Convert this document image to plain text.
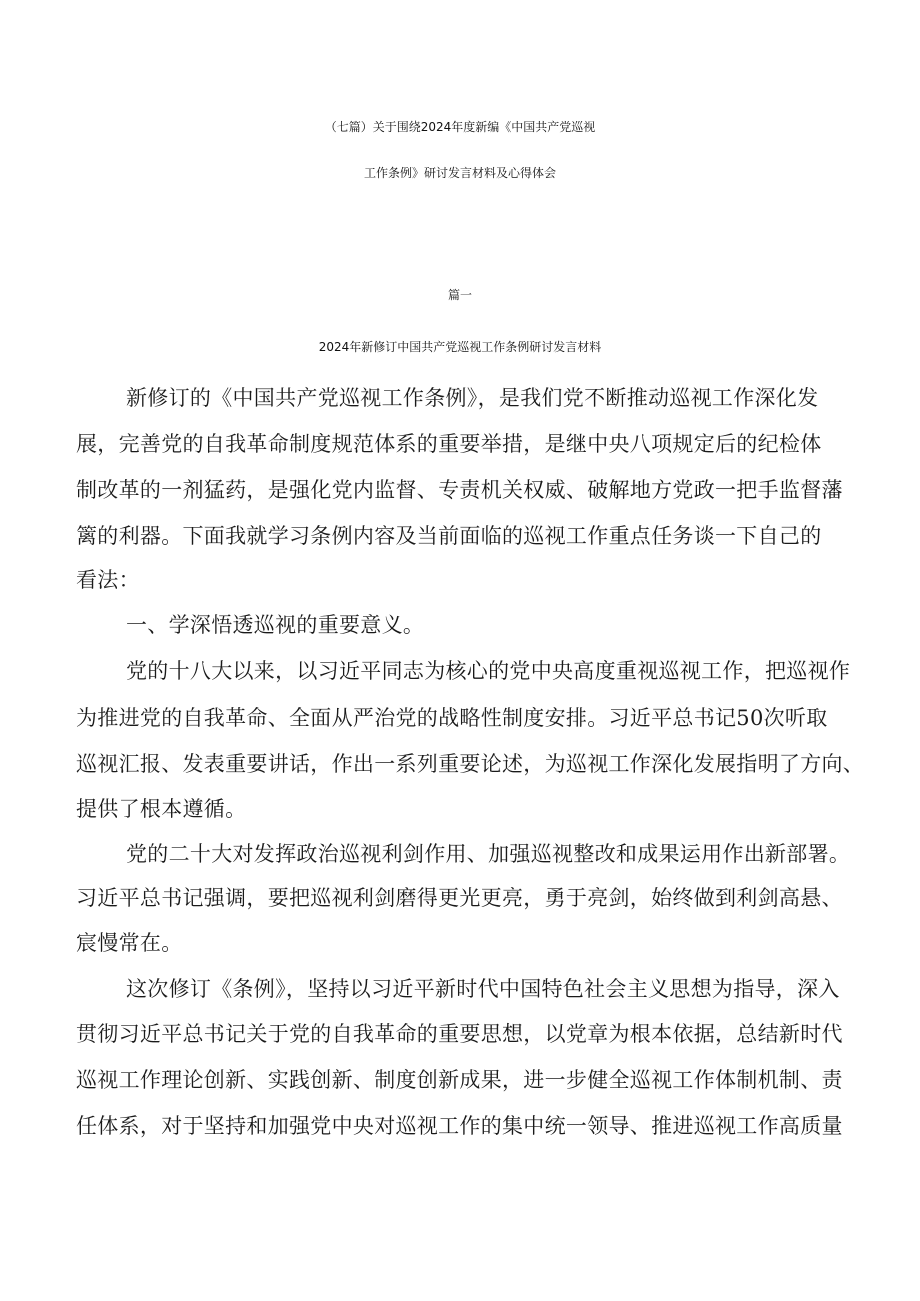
（七篇）关于围绕2024年度新编《中国共产党巡视
工作条例》研讨发言材料及心得体会
篇一
2024年新修订中国共产党巡视工作条例研讨发言材料
新修订的《中国共产党巡视工作条例》，是我们党不断推动巡视工作深化发
展，完善党的自我革命制度规范体系的重要举措，是继中央八项规定后的纪检体
制改革的一剂猛药，是强化党内监督、专责机关权威、破解地方党政一把手监督藩
篱的利器。下面我就学习条例内容及当前面临的巡视工作重点任务谈一下自己的
看法：
一、学深悟透巡视的重要意义。
党的十八大以来，以习近平同志为核心的党中央高度重视巡视工作，把巡视作
为推进党的自我革命、全面从严治党的战略性制度安排。习近平总书记50次听取
巡视汇报、发表重要讲话，作出一系列重要论述，为巡视工作深化发展指明了方向、
提供了根本遵循。
党的二十大对发挥政治巡视利剑作用、加强巡视整改和成果运用作出新部署。
习近平总书记强调，要把巡视利剑磨得更光更亮，勇于亮剑，始终做到利剑高悬、
宸慢常在。
这次修订《条例》，坚持以习近平新时代中国特色社会主义思想为指导，深入
贯彻习近平总书记关于党的自我革命的重要思想，以党章为根本依据，总结新时代
巡视工作理论创新、实践创新、制度创新成果，进一步健全巡视工作体制机制、责
任体系，对于坚持和加强党中央对巡视工作的集中统一领导、推进巡视工作高质量
